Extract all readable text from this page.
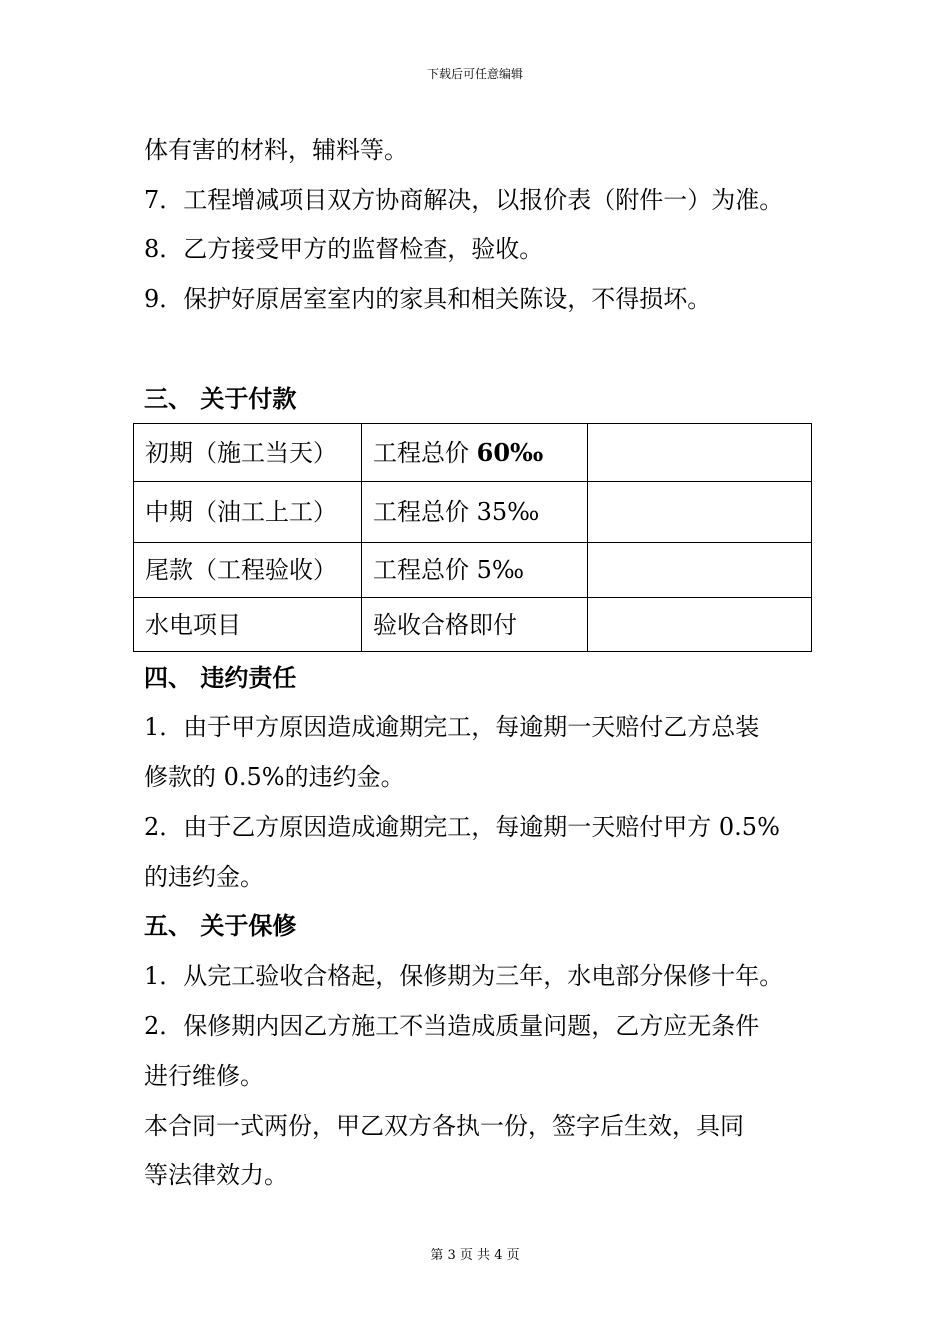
下载后可任意编辑
体有害的材料，辅料等。
7．工程增减项目双方协商解决，以报价表（附件一）为准。
8．乙方接受甲方的监督检查，验收。
9．保护好原居室室内的家具和相关陈设，不得损坏。
三、 关于付款
初期（施工当天）	工程总价 60‰	
中期（油工上工）	工程总价 35‰	
尾款（工程验收）	工程总价 5‰	
水电项目	验收合格即付	
四、 违约责任
1．由于甲方原因造成逾期完工，每逾期一天赔付乙方总装
修款的 0.5%的违约金。
2．由于乙方原因造成逾期完工，每逾期一天赔付甲方 0.5%
的违约金。
五、 关于保修
1．从完工验收合格起，保修期为三年，水电部分保修十年。
2．保修期内因乙方施工不当造成质量问题，乙方应无条件
进行维修。
本合同一式两份，甲乙双方各执一份，签字后生效，具同
等法律效力。
第 3 页 共 4 页
